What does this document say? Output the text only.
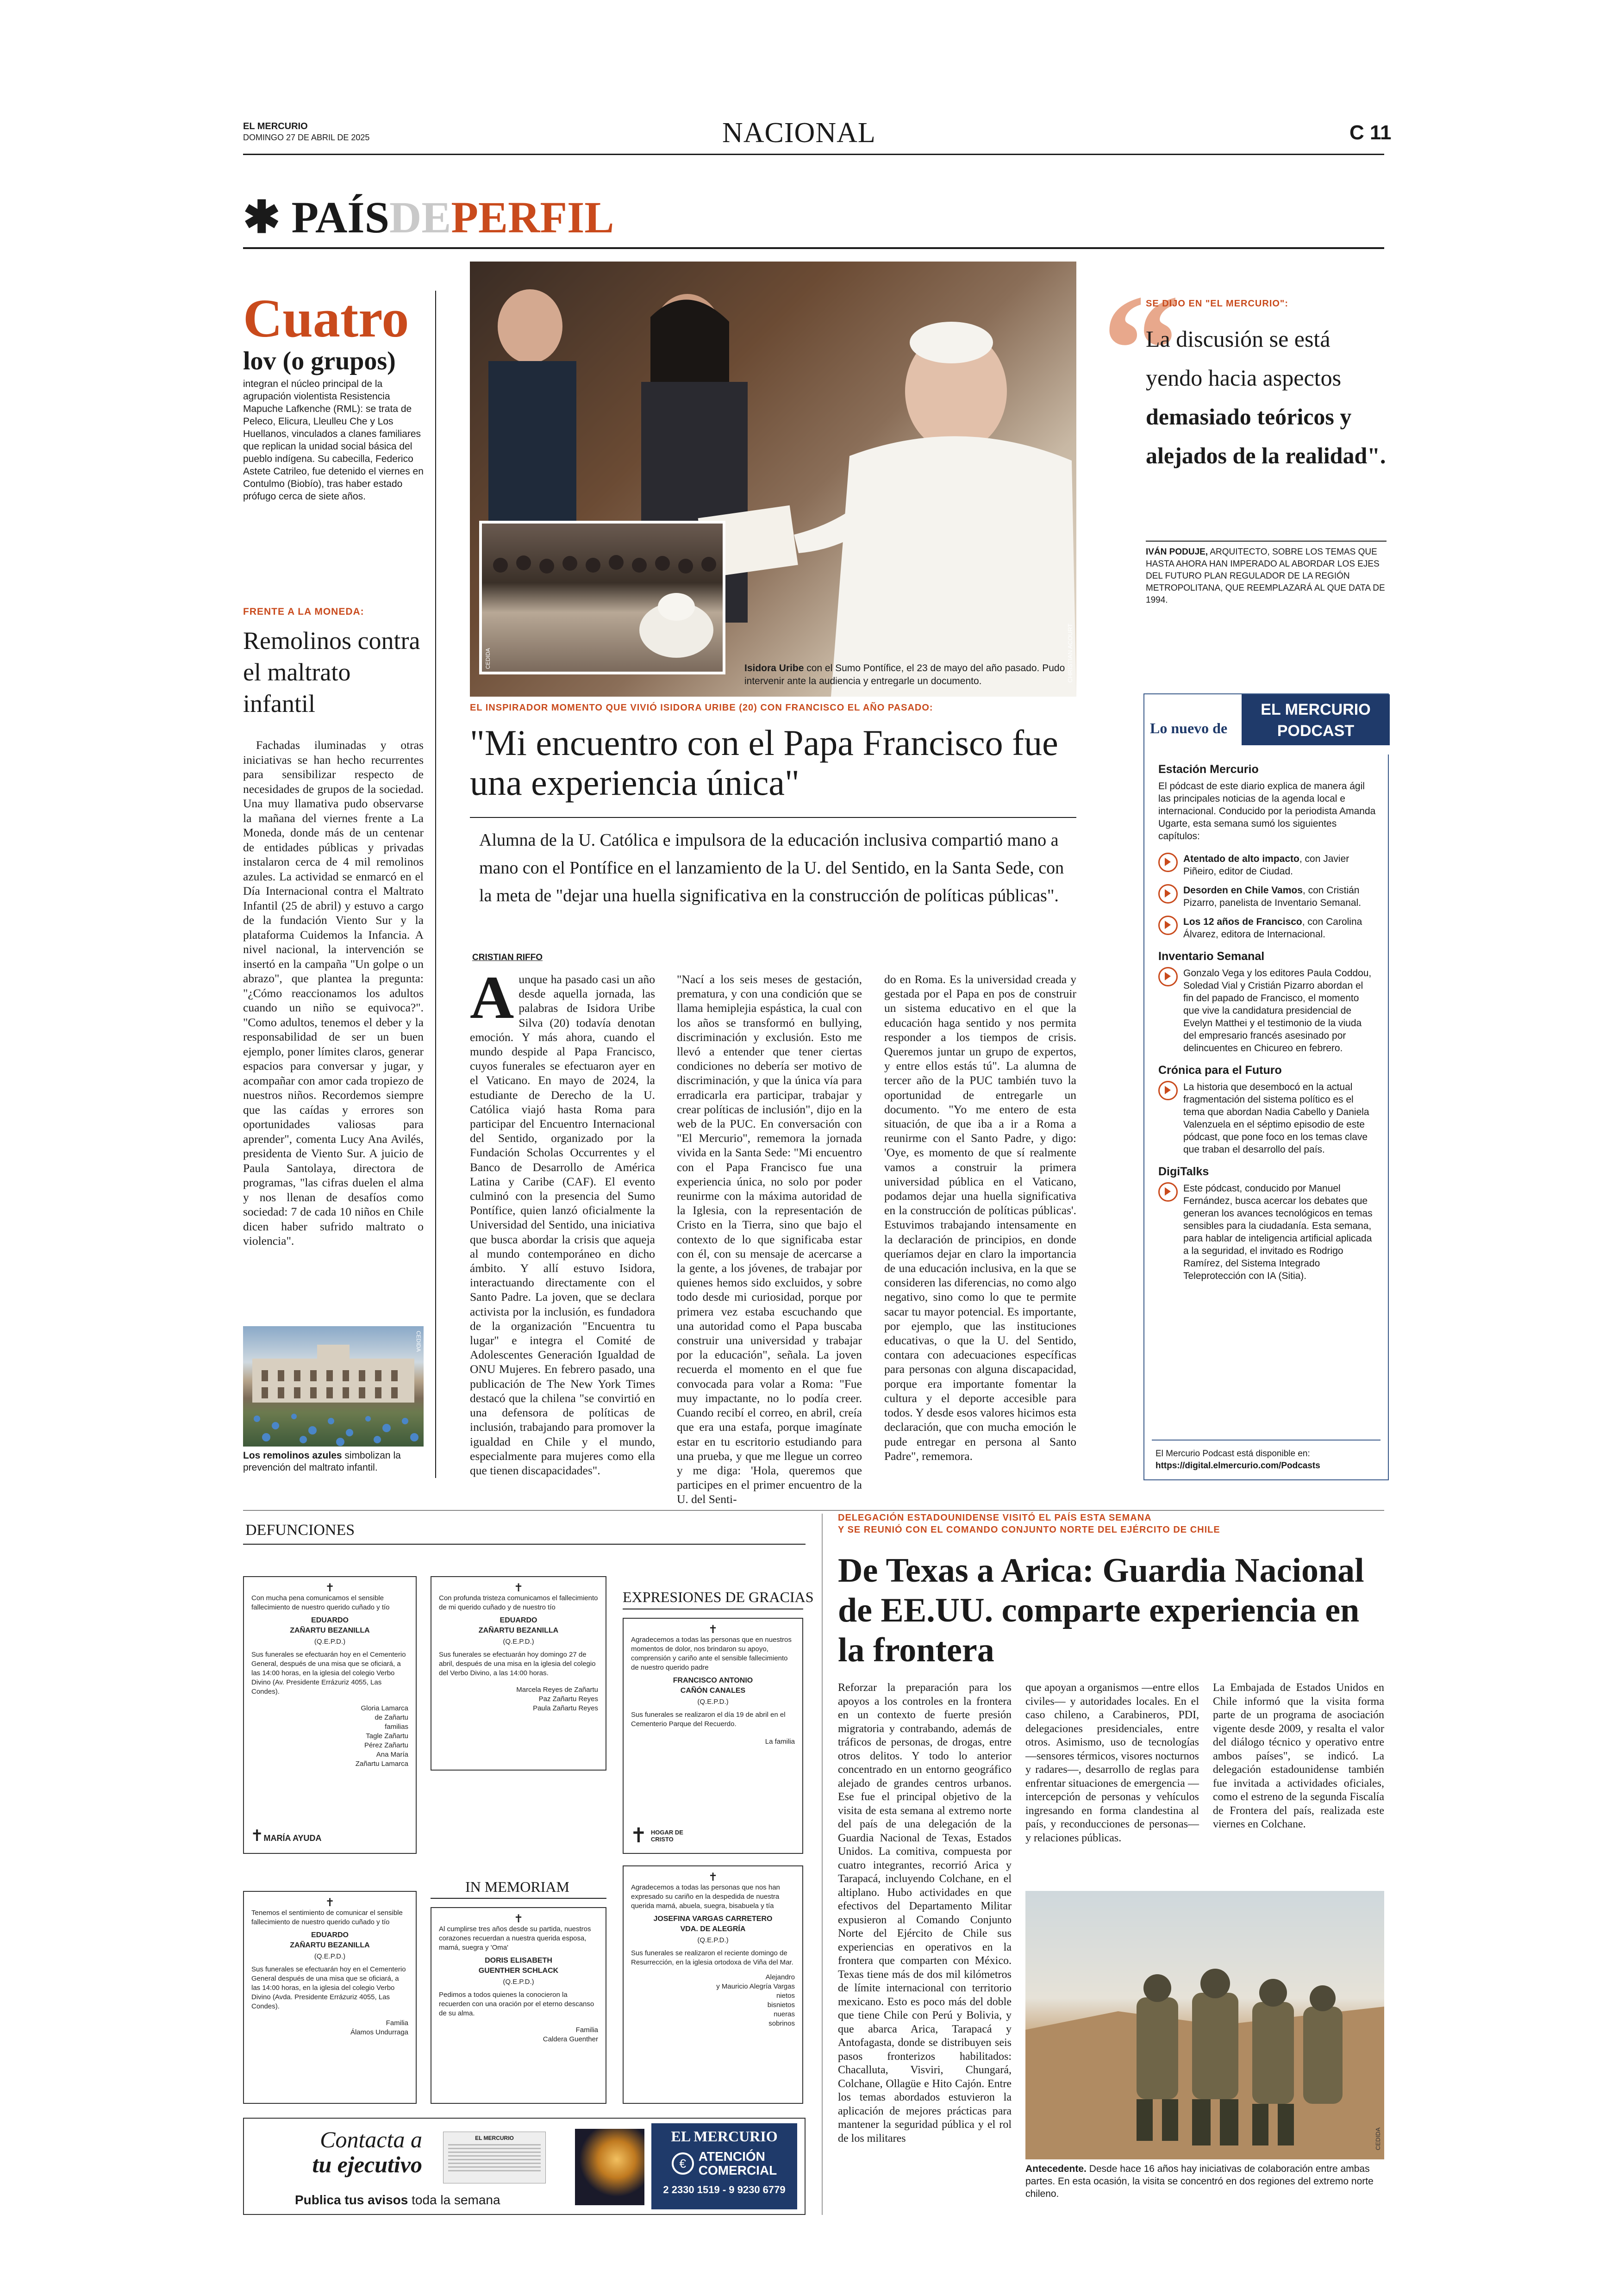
EL MERCURIO
DOMINGO 27 DE ABRIL DE 2025	NACIONAL	C 11
✱ PAÍSDEPERFIL
Cuatro
lov (o grupos)
integran el núcleo principal de la agrupación violentista Resistencia Mapuche Lafkenche (RML): se trata de Peleco, Elicura, Lleulleu Che y Los Huellanos, vinculados a clanes familiares que replican la unidad social básica del pueblo indígena. Su cabecilla, Federico Astete Catrileo, fue detenido el viernes en Contulmo (Biobío), tras haber estado prófugo cerca de siete años.
FRENTE A LA MONEDA:
Remolinos contra el maltrato infantil
Fachadas iluminadas y otras iniciativas se han hecho recurrentes para sensibilizar respecto de necesidades de grupos de la sociedad. Una muy llamativa pudo observarse la mañana del viernes frente a La Moneda, donde más de un centenar de entidades públicas y privadas instalaron cerca de 4 mil remolinos azules. La actividad se enmarcó en el Día Internacional contra el Maltrato Infantil (25 de abril) y estuvo a cargo de la fundación Viento Sur y la plataforma Cuidemos la Infancia. A nivel nacional, la intervención se insertó en la campaña "Un golpe o un abrazo", que plantea la pregunta: "¿Cómo reaccionamos los adultos cuando un niño se equivoca?". "Como adultos, tenemos el deber y la responsabilidad de ser un buen ejemplo, poner límites claros, generar espacios para conversar y jugar, y acompañar con amor cada tropiezo de nuestros niños. Recordemos siempre que las caídas y errores son oportunidades valiosas para aprender", comenta Lucy Ana Avilés, presidenta de Viento Sur. A juicio de Paula Santolaya, directora de programas, "las cifras duelen el alma y nos llenan de desafíos como sociedad: 7 de cada 10 niños en Chile dicen haber sufrido maltrato o violencia".
CEDIDA
Los remolinos azules simbolizan la prevención del maltrato infantil.
CEDIDA	CHRISTIAN ACOURT
Isidora Uribe con el Sumo Pontífice, el 23 de mayo del año pasado. Pudo intervenir ante la audiencia y entregarle un documento.
EL INSPIRADOR MOMENTO QUE VIVIÓ ISIDORA URIBE (20) CON FRANCISCO EL AÑO PASADO:
"Mi encuentro con el Papa Francisco fue una experiencia única"
Alumna de la U. Católica e impulsora de la educación inclusiva compartió mano a mano con el Pontífice en el lanzamiento de la U. del Sentido, en la Santa Sede, con la meta de "dejar una huella significativa en la construcción de políticas públicas".
CRISTIAN RIFFO
A unque ha pasado casi un año desde aquella jornada, las palabras de Isidora Uribe Silva (20) todavía denotan emoción. Y más ahora, cuando el mundo despide al Papa Francisco, cuyos funerales se efectuaron ayer en el Vaticano. En mayo de 2024, la estudiante de Derecho de la U. Católica viajó hasta Roma para participar del Encuentro Internacional del Sentido, organizado por la Fundación Scholas Occurrentes y el Banco de Desarrollo de América Latina y Caribe (CAF). El evento culminó con la presencia del Sumo Pontífice, quien lanzó oficialmente la Universidad del Sentido, una iniciativa que busca abordar la crisis que aqueja al mundo contemporáneo en dicho ámbito. Y allí estuvo Isidora, interactuando directamente con el Santo Padre. La joven, que se declara activista por la inclusión, es fundadora de la organización "Encuentra tu lugar" e integra el Comité de Adolescentes Generación Igualdad de ONU Mujeres. En febrero pasado, una publicación de The New York Times destacó que la chilena "se convirtió en una defensora de políticas de inclusión, trabajando para promover la igualdad en Chile y el mundo, especialmente para mujeres como ella que tienen discapacidades".
"Nací a los seis meses de gestación, prematura, y con una condición que se llama hemiplejia espástica, la cual con los años se transformó en bullying, discriminación y exclusión. Esto me llevó a entender que tener ciertas condiciones no debería ser motivo de discriminación, y que la única vía para erradicarla era participar, trabajar y crear políticas de inclusión", dijo en la web de la PUC. En conversación con "El Mercurio", rememora la jornada vivida en la Santa Sede: "Mi encuentro con el Papa Francisco fue una experiencia única, no solo por poder reunirme con la máxima autoridad de la Iglesia, con la representación de Cristo en la Tierra, sino que bajo el contexto de lo que significaba estar con él, con su mensaje de acercarse a la gente, a los jóvenes, de trabajar por quienes hemos sido excluidos, y sobre todo desde mi curiosidad, porque por primera vez estaba escuchando que una autoridad como el Papa buscaba construir una universidad y trabajar por la educación", señala. La joven recuerda el momento en el que fue convocada para volar a Roma: "Fue muy impactante, no lo podía creer. Cuando recibí el correo, en abril, creía que era una estafa, porque imagínate estar en tu escritorio estudiando para una prueba, y que me llegue un correo y me diga: 'Hola, queremos que participes en el primer encuentro de la U. del Senti-
do en Roma. Es la universidad creada y gestada por el Papa en pos de construir un sistema educativo en el que la educación haga sentido y nos permita responder a los tiempos de crisis. Queremos juntar un grupo de expertos, y entre ellos estás tú". La alumna de tercer año de la PUC también tuvo la oportunidad de entregarle un documento. "Yo me entero de esta situación, de que iba a ir a Roma a reunirme con el Santo Padre, y digo: 'Oye, es momento de que sí realmente vamos a construir la primera universidad pública en el Vaticano, podamos dejar una huella significativa en la construcción de políticas públicas'. Estuvimos trabajando intensamente en la declaración de principios, en donde queríamos dejar en claro la importancia de una educación inclusiva, en la que se consideren las diferencias, no como algo negativo, sino como lo que te permite sacar tu mayor potencial. Es importante, por ejemplo, que las instituciones educativas, o que la U. del Sentido, contara con adecuaciones específicas para personas con alguna discapacidad, porque era importante fomentar la cultura y el deporte accesible para todos. Y desde esos valores hicimos esta declaración, que con mucha emoción le pude entregar en persona al Santo Padre", rememora.
“
SE DIJO EN "EL MERCURIO":
La discusión se está yendo hacia aspectos demasiado teóricos y alejados de la realidad".
IVÁN PODUJE, ARQUITECTO, SOBRE LOS TEMAS QUE HASTA AHORA HAN IMPERADO AL ABORDAR LOS EJES DEL FUTURO PLAN REGULADOR DE LA REGIÓN METROPOLITANA, QUE REEMPLAZARÁ AL QUE DATA DE 1994.
Lo nuevo de
EL MERCURIO
PODCAST
Estación Mercurio
El pódcast de este diario explica de manera ágil las principales noticias de la agenda local e internacional. Conducido por la periodista Amanda Ugarte, esta semana sumó los siguientes capítulos:
Atentado de alto impacto, con Javier Piñeiro, editor de Ciudad.
Desorden en Chile Vamos, con Cristián Pizarro, panelista de Inventario Semanal.
Los 12 años de Francisco, con Carolina Álvarez, editora de Internacional.
Inventario Semanal
Gonzalo Vega y los editores Paula Coddou, Soledad Vial y Cristián Pizarro abordan el fin del papado de Francisco, el momento que vive la candidatura presidencial de Evelyn Matthei y el testimonio de la viuda del empresario francés asesinado por delincuentes en Chicureo en febrero.
Crónica para el Futuro
La historia que desembocó en la actual fragmentación del sistema político es el tema que abordan Nadia Cabello y Daniela Valenzuela en el séptimo episodio de este pódcast, que pone foco en los temas clave que traban el desarrollo del país.
DigiTalks
Este pódcast, conducido por Manuel Fernández, busca acercar los debates que generan los avances tecnológicos en temas sensibles para la ciudadanía. Esta semana, para hablar de inteligencia artificial aplicada a la seguridad, el invitado es Rodrigo Ramírez, del Sistema Integrado Teleprotección con IA (Sitia).
El Mercurio Podcast está disponible en:
https://digital.elmercurio.com/Podcasts
DEFUNCIONES
✝
Con mucha pena comunicamos el sensible fallecimiento de nuestro querido cuñado y tío
EDUARDO
ZAÑARTU BEZANILLA
(Q.E.P.D.)
Sus funerales se efectuarán hoy en el Cementerio General, después de una misa que se oficiará, a las 14:00 horas, en la iglesia del colegio Verbo Divino (Av. Presidente Errázuriz 4055, Las Condes).
Gloria Lamarca
de Zañartu
familias
Tagle Zañartu
Pérez Zañartu
Ana María
Zañartu Lamarca
✝MARÍA AYUDA
✝
Con profunda tristeza comunicamos el fallecimiento de mi querido cuñado y de nuestro tío
EDUARDO
ZAÑARTU BEZANILLA
(Q.E.P.D.)
Sus funerales se efectuarán hoy domingo 27 de abril, después de una misa en la iglesia del colegio del Verbo Divino, a las 14:00 horas.
Marcela Reyes de Zañartu
Paz Zañartu Reyes
Paula Zañartu Reyes
EXPRESIONES DE GRACIAS
✝
Agradecemos a todas las personas que en nuestros momentos de dolor, nos brindaron su apoyo, comprensión y cariño ante el sensible fallecimiento de nuestro querido padre
FRANCISCO ANTONIO
CAÑÓN CANALES
(Q.E.P.D.)
Sus funerales se realizaron el día 19 de abril en el Cementerio Parque del Recuerdo.
La familia
✝ HOGAR DE CRISTO
✝
Tenemos el sentimiento de comunicar el sensible fallecimiento de nuestro querido cuñado y tío
EDUARDO
ZAÑARTU BEZANILLA
(Q.E.P.D.)
Sus funerales se efectuarán hoy en el Cementerio General después de una misa que se oficiará, a las 14:00 horas, en la iglesia del colegio Verbo Divino (Avda. Presidente Errázuriz 4055, Las Condes).
Familia
Álamos Undurraga
IN MEMORIAM
✝
Al cumplirse tres años desde su partida, nuestros corazones recuerdan a nuestra querida esposa, mamá, suegra y 'Oma'
DORIS ELISABETH
GUENTHER SCHLACK
(Q.E.P.D.)
Pedimos a todos quienes la conocieron la recuerden con una oración por el eterno descanso de su alma.
Familia
Caldera Guenther
✝
Agradecemos a todas las personas que nos han expresado su cariño en la despedida de nuestra querida mamá, abuela, suegra, bisabuela y tía
JOSEFINA VARGAS CARRETERO
VDA. DE ALEGRÍA
(Q.E.P.D.)
Sus funerales se realizaron el reciente domingo de Resurrección, en la iglesia ortodoxa de Viña del Mar.
Alejandro
y Mauricio Alegría Vargas
nietos
bisnietos
nueras
sobrinos
Contacta a
tu ejecutivo
Publica tus avisos toda la semana
EL MERCURIO	EL MERCURIO
€ ATENCIÓN
COMERCIAL
2 2330 1519 - 9 9230 6779
DELEGACIÓN ESTADOUNIDENSE VISITÓ EL PAÍS ESTA SEMANA
Y SE REUNIÓ CON EL COMANDO CONJUNTO NORTE DEL EJÉRCITO DE CHILE
De Texas a Arica: Guardia Nacional de EE.UU. comparte experiencia en la frontera
Reforzar la preparación para los apoyos a los controles en la frontera en un contexto de fuerte presión migratoria y contrabando, además de tráficos de personas, de drogas, entre otros delitos. Y todo lo anterior concentrado en un entorno geográfico alejado de grandes centros urbanos. Ese fue el principal objetivo de la visita de esta semana al extremo norte del país de una delegación de la Guardia Nacional de Texas, Estados Unidos. La comitiva, compuesta por cuatro integrantes, recorrió Arica y Tarapacá, incluyendo Colchane, en el altiplano. Hubo actividades en que efectivos del Departamento Militar expusieron al Comando Conjunto Norte del Ejército de Chile sus experiencias en operativos en la frontera que comparten con México. Texas tiene más de dos mil kilómetros de límite internacional con territorio mexicano. Esto es poco más del doble que tiene Chile con Perú y Bolivia, y que abarca Arica, Tarapacá y Antofagasta, donde se distribuyen seis pasos fronterizos habilitados: Chacalluta, Visviri, Chungará, Colchane, Ollagüe e Hito Cajón. Entre los temas abordados estuvieron la aplicación de mejores prácticas para mantener la seguridad pública y el rol de los militares
que apoyan a organismos —entre ellos civiles— y autoridades locales. En el caso chileno, a Carabineros, PDI, delegaciones presidenciales, entre otros. Asimismo, uso de tecnologías —sensores térmicos, visores nocturnos y radares—, desarrollo de reglas para enfrentar situaciones de emergencia —intercepción de personas y vehículos ingresando en forma clandestina al país, y reconducciones de personas— y relaciones públicas.
La Embajada de Estados Unidos en Chile informó que la visita forma parte de un programa de asociación vigente desde 2009, y resalta el valor del diálogo técnico y operativo entre ambos países", se indicó. La delegación estadounidense también fue invitada a actividades oficiales, como el estreno de la segunda Fiscalía de Frontera del país, realizada este viernes en Colchane.
CEDIDA
Antecedente. Desde hace 16 años hay iniciativas de colaboración entre ambas partes. En esta ocasión, la visita se concentró en dos regiones del extremo norte chileno.
